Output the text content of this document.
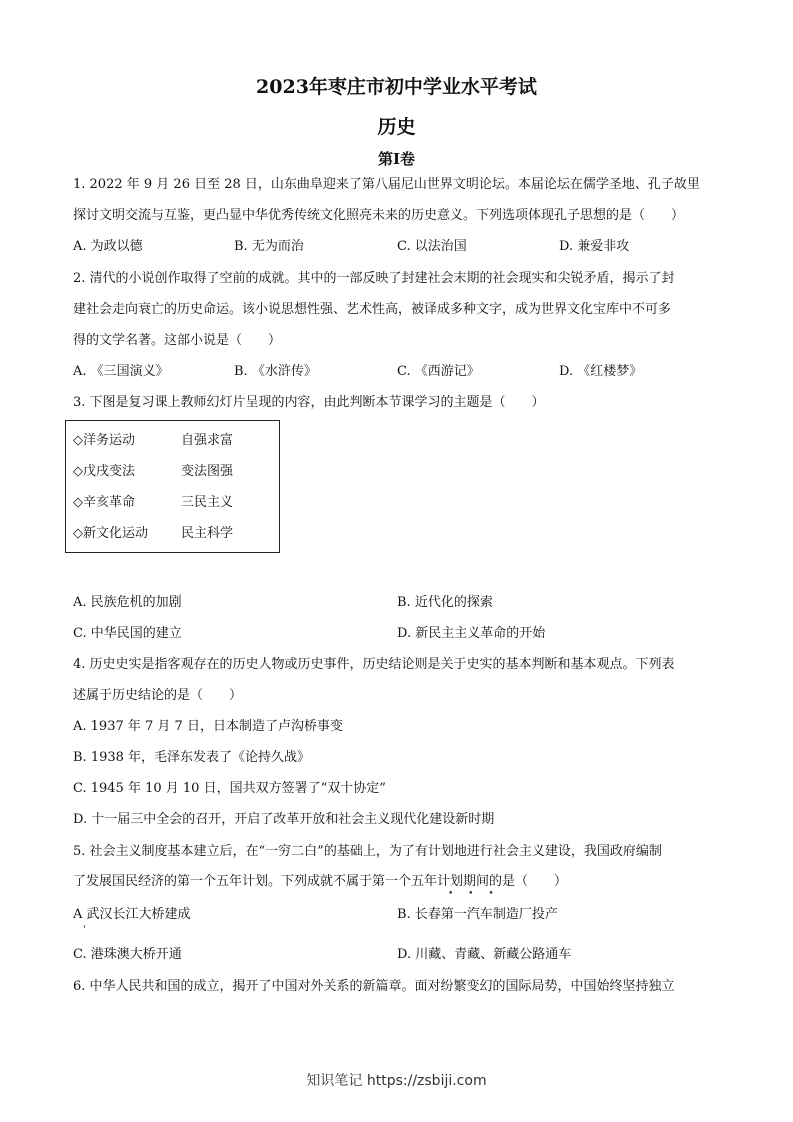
2023年枣庄市初中学业水平考试
历史
第Ⅰ卷
1. 2022 年 9 月 26 日至 28 日，山东曲阜迎来了第八届尼山世界文明论坛。本届论坛在儒学圣地、孔子故里
探讨文明交流与互鉴，更凸显中华优秀传统文化照亮未来的历史意义。下列选项体现孔子思想的是（　　）
A. 为政以德	B. 无为而治	C. 以法治国	D. 兼爱非攻
2. 清代的小说创作取得了空前的成就。其中的一部反映了封建社会末期的社会现实和尖锐矛盾，揭示了封
建社会走向衰亡的历史命运。该小说思想性强、艺术性高，被译成多种文字，成为世界文化宝库中不可多
得的文学名著。这部小说是（　　）
A. 《三国演义》	B. 《水浒传》	C. 《西游记》	D. 《红楼梦》
3. 下图是复习课上教师幻灯片呈现的内容，由此判断本节课学习的主题是（　　）
◇洋务运动	自强求富
◇戊戌变法	变法图强
◇辛亥革命	三民主义
◇新文化运动	民主科学
A. 民族危机的加剧	B. 近代化的探索
C. 中华民国的建立	D. 新民主主义革命的开始
4. 历史史实是指客观存在的历史人物或历史事件，历史结论则是关于史实的基本判断和基本观点。下列表
述属于历史结论的是（　　）
A. 1937 年 7 月 7 日，日本制造了卢沟桥事变
B. 1938 年，毛泽东发表了《论持久战》
C. 1945 年 10 月 10 日，国共双方签署了“双十协定”
D. 十一届三中全会的召开，开启了改革开放和社会主义现代化建设新时期
5. 社会主义制度基本建立后，在“一穷二白”的基础上，为了有计划地进行社会主义建设，我国政府编制
了发展国民经济的第一个五年计划。下列成就不属于第一个五年计划期间的是（　　）
• • •
A 武汉长江大桥建成	B. 长春第一汽车制造厂投产
C. 港珠澳大桥开通	D. 川藏、青藏、新藏公路通车
6. 中华人民共和国的成立，揭开了中国对外关系的新篇章。面对纷繁变幻的国际局势，中国始终坚持独立
知识笔记 https://zsbiji.com
